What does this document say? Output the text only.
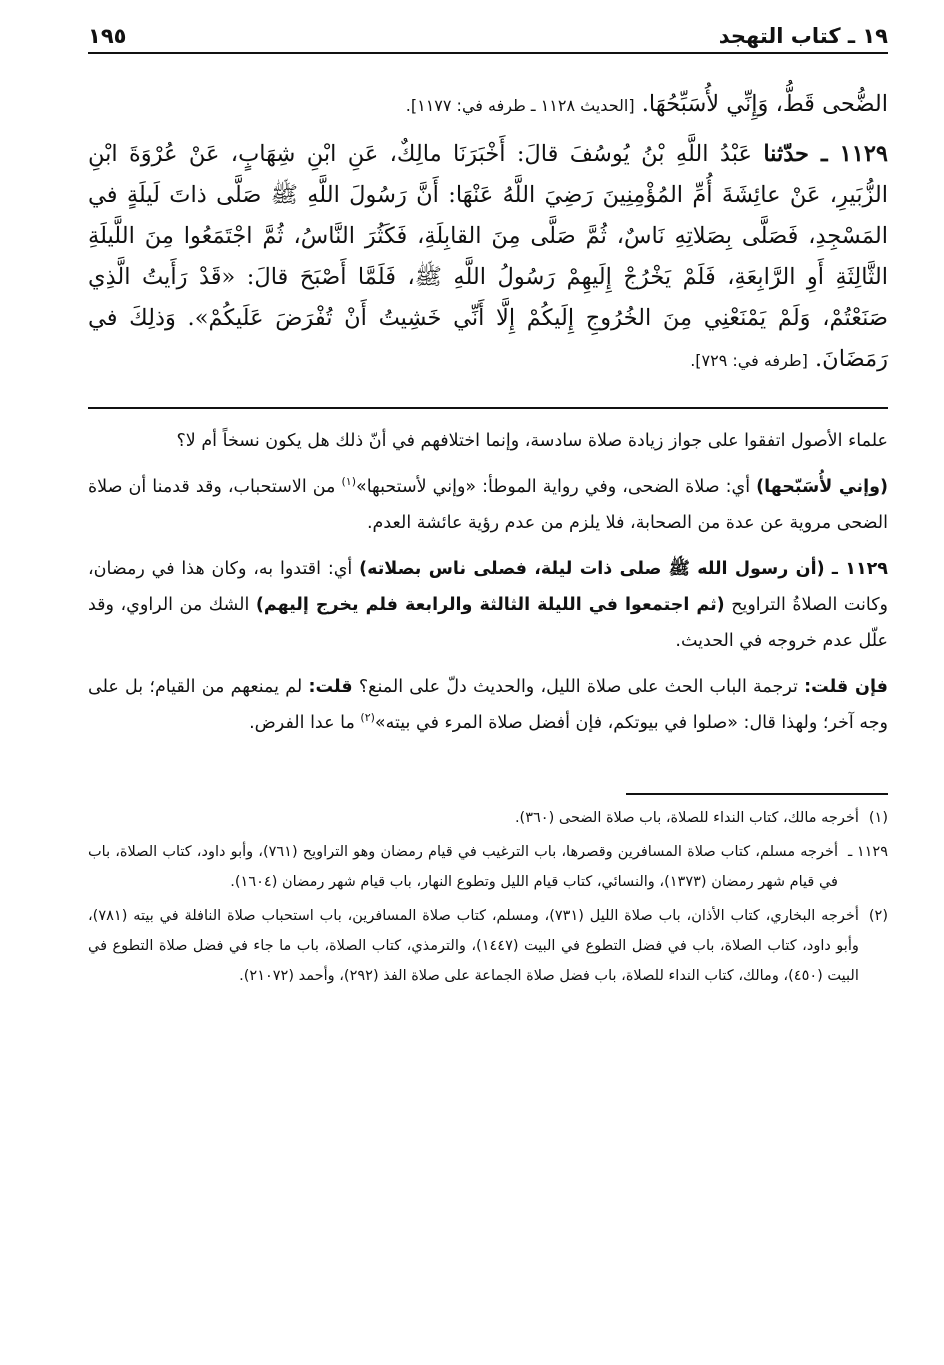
١٩ ـ كتاب التهجد
١٩٥

الضُّحى قَطُّ، وَإِنِّي لأُسَبِّحُهَا. [الحديث ١١٢٨ ـ طرفه في: ١١٧٧].

١١٢٩ ـ حدّثنا عَبْدُ اللَّهِ بْنُ يُوسُفَ قالَ: أَخْبَرَنَا مالِكٌ، عَنِ ابْنِ شِهَابٍ، عَنْ عُرْوَةَ ابْنِ الزُّبَيرِ، عَنْ عائِشَةَ أُمِّ المُؤْمِنِينَ رَضِيَ اللَّهُ عَنْهَا: أَنَّ رَسُولَ اللَّهِ ﷺ صَلَّى ذاتَ لَيلَةٍ في المَسْجِدِ، فَصَلَّى بِصَلاتِهِ نَاسٌ، ثُمَّ صَلَّى مِنَ القابِلَةِ، فَكَثُرَ النَّاسُ، ثُمَّ اجْتَمَعُوا مِنَ اللَّيلَةِ الثَّالِثَةِ أَوِ الرَّابِعَةِ، فَلَمْ يَخْرُجْ إِلَيهِمْ رَسُولُ اللَّهِ ﷺ، فَلَمَّا أَصْبَحَ قالَ: «قَدْ رَأَيتُ الَّذِي صَنَعْتُمْ، وَلَمْ يَمْنَعْنِي مِنَ الخُرُوجِ إِلَيكُمْ إِلَّا أَنِّي خَشِيتُ أَنْ تُفْرَضَ عَلَيكُمْ». وَذلِكَ في رَمَضَانَ. [طرفه في: ٧٢٩].

علماء الأصول اتفقوا على جواز زيادة صلاة سادسة، وإنما اختلافهم في أنّ ذلك هل يكون نسخاً أم لا؟

(وإني لأُسَبّحها) أي: صلاة الضحى، وفي رواية الموطأ: «وإني لأستحبها»$^{(١)}$ من الاستحباب، وقد قدمنا أن صلاة الضحى مروية عن عدة من الصحابة، فلا يلزم من عدم رؤية عائشة العدم.

١١٢٩ ـ (أن رسول الله ﷺ صلى ذات ليلة، فصلى ناس بصلاته) أي: اقتدوا به، وكان هذا في رمضان، وكانت الصلاةُ التراويح (ثم اجتمعوا في الليلة الثالثة والرابعة فلم يخرج إليهم) الشك من الراوي، وقد علّل عدم خروجه في الحديث.

فإن قلت: ترجمة الباب الحث على صلاة الليل، والحديث دلّ على المنع؟ قلت: لم يمنعهم من القيام؛ بل على وجه آخر؛ ولهذا قال: «صلوا في بيوتكم، فإن أفضل صلاة المرء في بيته»$^{(٢)}$ ما عدا الفرض.

(١)
أخرجه مالك، كتاب النداء للصلاة، باب صلاة الضحى (٣٦٠).
١١٢٩ ـ
أخرجه مسلم، كتاب صلاة المسافرين وقصرها، باب الترغيب في قيام رمضان وهو التراويح (٧٦١)، وأبو داود، كتاب الصلاة، باب في قيام شهر رمضان (١٣٧٣)، والنسائي، كتاب قيام الليل وتطوع النهار، باب قيام شهر رمضان (١٦٠٤).
(٢)
أخرجه البخاري، كتاب الأذان، باب صلاة الليل (٧٣١)، ومسلم، كتاب صلاة المسافرين، باب استحباب صلاة النافلة في بيته (٧٨١)، وأبو داود، كتاب الصلاة، باب في فضل التطوع في البيت (١٤٤٧)، والترمذي، كتاب الصلاة، باب ما جاء في فضل صلاة التطوع في البيت (٤٥٠)، ومالك، كتاب النداء للصلاة، باب فضل صلاة الجماعة على صلاة الفذ (٢٩٢)، وأحمد (٢١٠٧٢).
